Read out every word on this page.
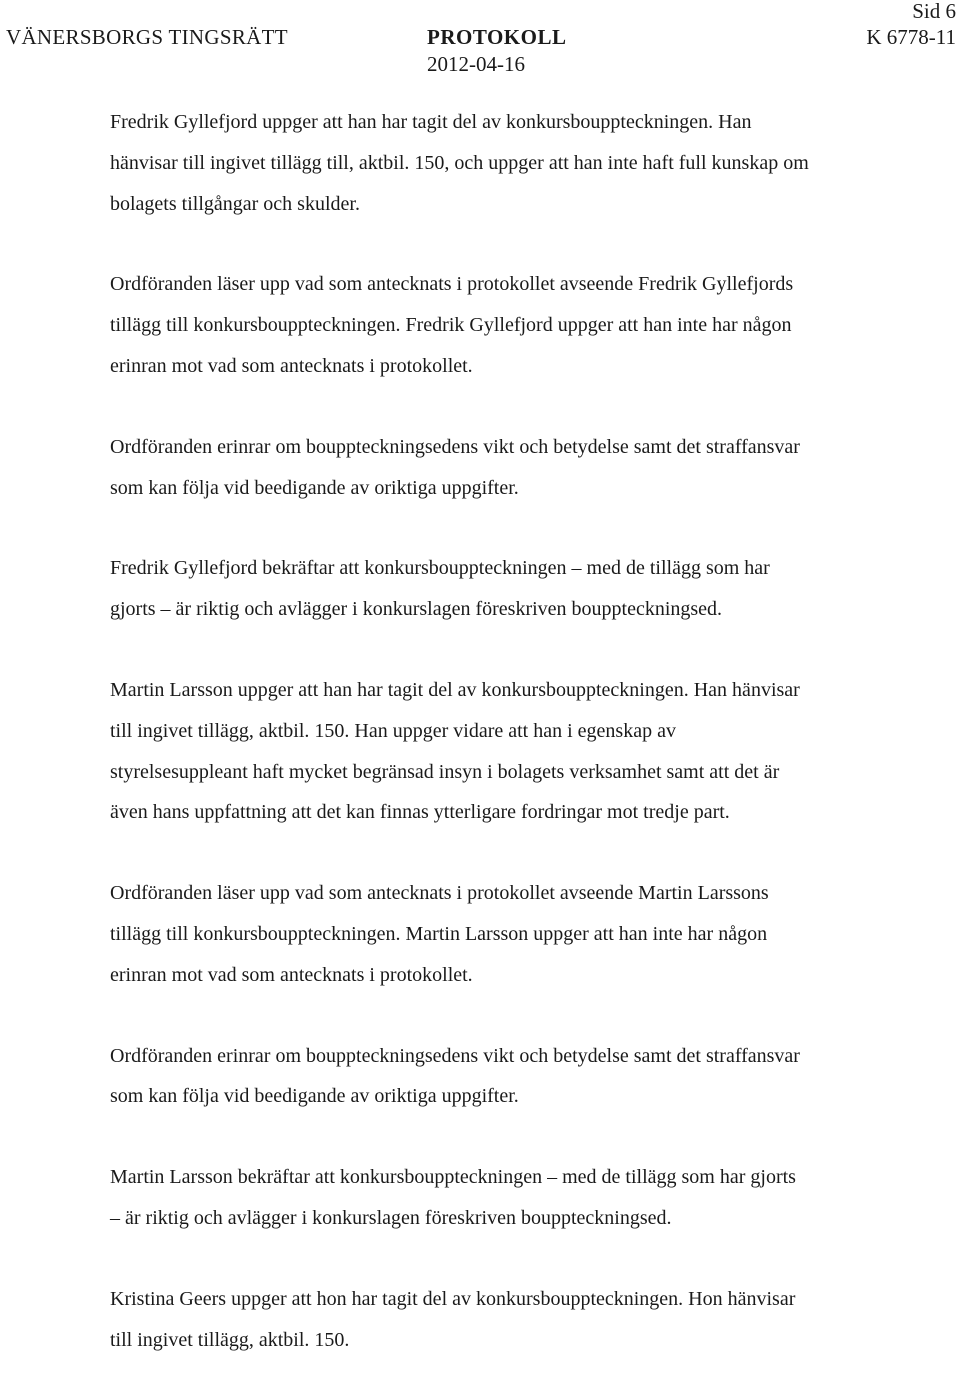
Sid 6
VÄNERSBORGS TINGSRÄTT	PROTOKOLL	K 6778-11
2012-04-16

Fredrik Gyllefjord uppger att han har tagit del av konkursbouppteckningen. Han
hänvisar till ingivet tillägg till, aktbil. 150, och uppger att han inte haft full kunskap om
bolagets tillgångar och skulder.

Ordföranden läser upp vad som antecknats i protokollet avseende Fredrik Gyllefjords
tillägg till konkursbouppteckningen. Fredrik Gyllefjord uppger att han inte har någon
erinran mot vad som antecknats i protokollet.

Ordföranden erinrar om bouppteckningsedens vikt och betydelse samt det straffansvar
som kan följa vid beedigande av oriktiga uppgifter.

Fredrik Gyllefjord bekräftar att konkursbouppteckningen – med de tillägg som har
gjorts – är riktig och avlägger i konkurslagen föreskriven bouppteckningsed.

Martin Larsson uppger att han har tagit del av konkursbouppteckningen. Han hänvisar
till ingivet tillägg, aktbil. 150. Han uppger vidare att han i egenskap av
styrelsesuppleant haft mycket begränsad insyn i bolagets verksamhet samt att det är
även hans uppfattning att det kan finnas ytterligare fordringar mot tredje part.

Ordföranden läser upp vad som antecknats i protokollet avseende Martin Larssons
tillägg till konkursbouppteckningen. Martin Larsson uppger att han inte har någon
erinran mot vad som antecknats i protokollet.

Ordföranden erinrar om bouppteckningsedens vikt och betydelse samt det straffansvar
som kan följa vid beedigande av oriktiga uppgifter.

Martin Larsson bekräftar att konkursbouppteckningen – med de tillägg som har gjorts
– är riktig och avlägger i konkurslagen föreskriven bouppteckningsed.

Kristina Geers uppger att hon har tagit del av konkursbouppteckningen. Hon hänvisar
till ingivet tillägg, aktbil. 150.
